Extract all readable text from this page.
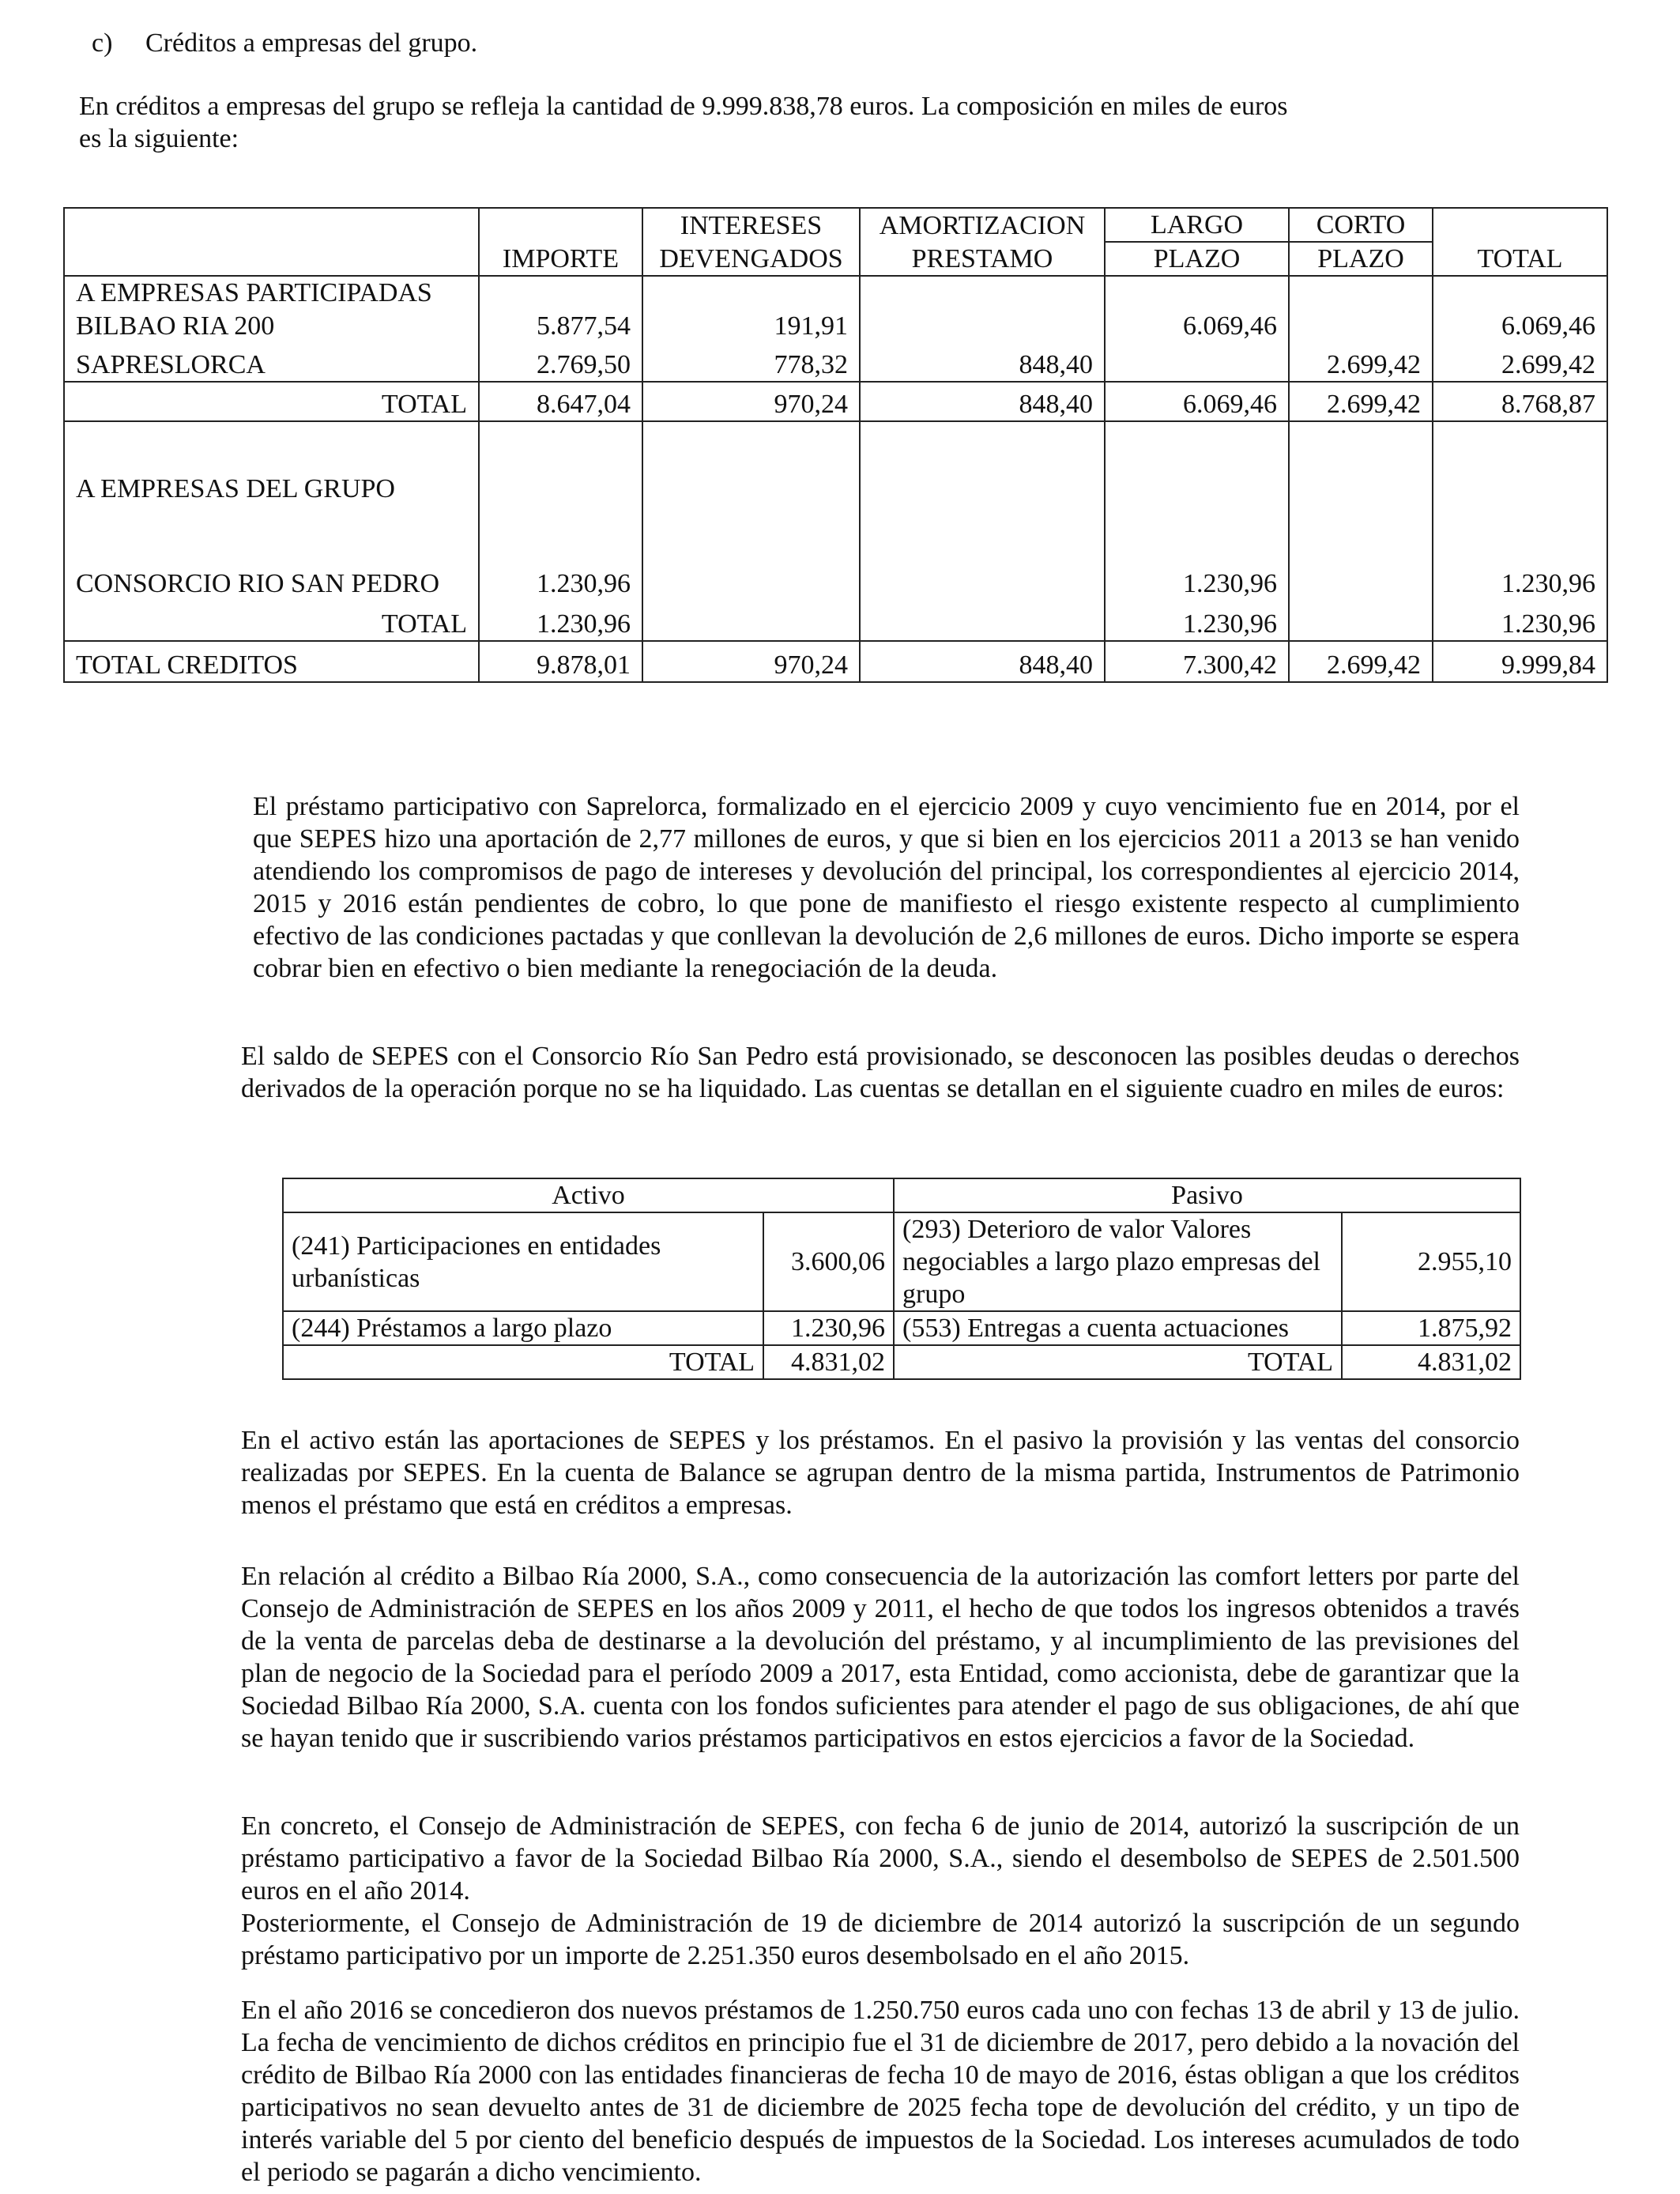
c) Créditos a empresas del grupo.

En créditos a empresas del grupo se refleja la cantidad de 9.999.838,78 euros. La composición en miles de euros

es la siguiente:

	IMPORTE	INTERESES	AMORTIZACION	LARGO	CORTO	TOTAL
		DEVENGADOS	PRESTAMO	PLAZO	PLAZO	
A EMPRESAS PARTICIPADAS						
BILBAO RIA 200	5.877,54	191,91		6.069,46		6.069,46
SAPRESLORCA	2.769,50	778,32	848,40		2.699,42	2.699,42
TOTAL	8.647,04	970,24	848,40	6.069,46	2.699,42	8.768,87
A EMPRESAS DEL GRUPO						
CONSORCIO RIO SAN PEDRO	1.230,96			1.230,96		1.230,96
TOTAL	1.230,96			1.230,96		1.230,96
TOTAL CREDITOS	9.878,01	970,24	848,40	7.300,42	2.699,42	9.999,84

El préstamo participativo con Saprelorca, formalizado en el ejercicio 2009 y cuyo vencimiento fue en 2014, por el que SEPES hizo una aportación de 2,77 millones de euros, y que si bien en los ejercicios 2011 a 2013 se han venido atendiendo los compromisos de pago de intereses y devolución del principal, los correspondientes al ejercicio 2014, 2015 y 2016 están pendientes de cobro, lo que pone de manifiesto el riesgo existente respecto al cumplimiento efectivo de las condiciones pactadas y que conllevan la devolución de 2,6 millones de euros. Dicho importe se espera cobrar bien en efectivo o bien mediante la renegociación de la deuda.

El saldo de SEPES con el Consorcio Río San Pedro está provisionado, se desconocen las posibles deudas o derechos derivados de la operación porque no se ha liquidado. Las cuentas se detallan en el siguiente cuadro en miles de euros:

Activo		Pasivo	
(241) Participaciones en entidades urbanísticas	3.600,06	(293) Deterioro de valor Valores negociables a largo plazo empresas del grupo	2.955,10
(244) Préstamos a largo plazo	1.230,96	(553) Entregas a cuenta actuaciones	1.875,92
TOTAL	4.831,02	TOTAL	4.831,02

En el activo están las aportaciones de SEPES y los préstamos. En el pasivo la provisión y las ventas del consorcio realizadas por SEPES. En la cuenta de Balance se agrupan dentro de la misma partida, Instrumentos de Patrimonio menos el préstamo que está en créditos a empresas.

En relación al crédito a Bilbao Ría 2000, S.A., como consecuencia de la autorización las comfort letters por parte del Consejo de Administración de SEPES en los años 2009 y 2011, el hecho de que todos los ingresos obtenidos a través de la venta de parcelas deba de destinarse a la devolución del préstamo, y al incumplimiento de las previsiones del plan de negocio de la Sociedad para el período 2009 a 2017, esta Entidad, como accionista, debe de garantizar que la Sociedad Bilbao Ría 2000, S.A. cuenta con los fondos suficientes para atender el pago de sus obligaciones, de ahí que se hayan tenido que ir suscribiendo varios préstamos participativos en estos ejercicios a favor de la Sociedad.

En concreto, el Consejo de Administración de SEPES, con fecha 6 de junio de 2014, autorizó la suscripción de un préstamo participativo a favor de la Sociedad Bilbao Ría 2000, S.A., siendo el desembolso de SEPES de 2.501.500 euros en el año 2014.

Posteriormente, el Consejo de Administración de 19 de diciembre de 2014 autorizó la suscripción de un segundo préstamo participativo por un importe de 2.251.350 euros desembolsado en el año 2015.

En el año 2016 se concedieron dos nuevos préstamos de 1.250.750 euros cada uno con fechas 13 de abril y 13 de julio. La fecha de vencimiento de dichos créditos en principio fue el 31 de diciembre de 2017, pero debido a la novación del crédito de Bilbao Ría 2000 con las entidades financieras de fecha 10 de mayo de 2016, éstas obligan a que los créditos participativos no sean devuelto antes de 31 de diciembre de 2025 fecha tope de devolución del crédito, y un tipo de interés variable del 5 por ciento del beneficio después de impuestos de la Sociedad. Los intereses acumulados de todo el periodo se pagarán a dicho vencimiento.
